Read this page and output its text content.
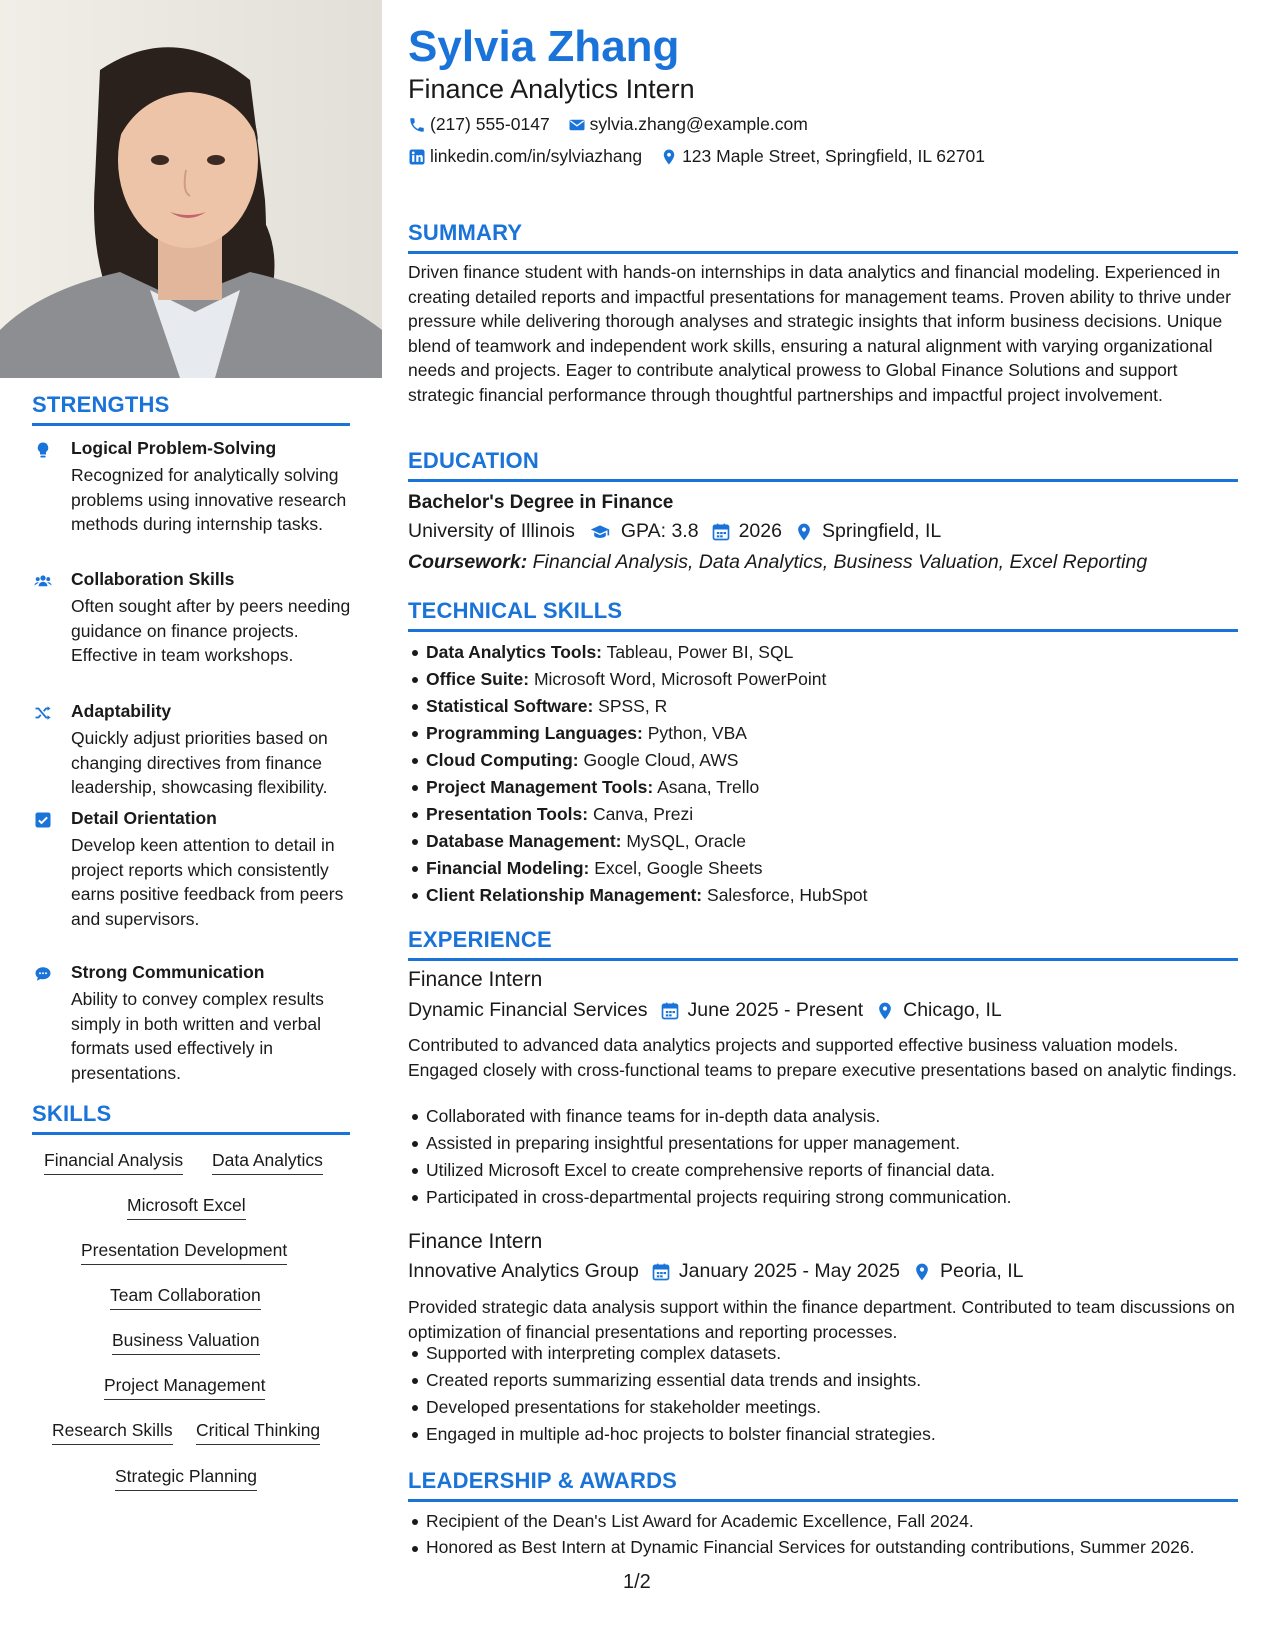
STRENGTHS
Logical Problem-Solving
Recognized for analytically solving problems using innovative research methods during internship tasks.
Collaboration Skills
Often sought after by peers needing guidance on finance projects. Effective in team workshops.
Adaptability
Quickly adjust priorities based on changing directives from finance leadership, showcasing flexibility.
Detail Orientation
Develop keen attention to detail in project reports which consistently earns positive feedback from peers and supervisors.
Strong Communication
Ability to convey complex results simply in both written and verbal formats used effectively in presentations.
SKILLS
Financial Analysis Data Analytics
Microsoft Excel
Presentation Development
Team Collaboration
Business Valuation
Project Management
Research Skills Critical Thinking
Strategic Planning
Sylvia Zhang
Finance Analytics Intern
(217) 555-0147 sylvia.zhang@example.com
linkedin.com/in/sylviazhang 123 Maple Street, Springfield, IL 62701
SUMMARY
Driven finance student with hands-on internships in data analytics and financial modeling. Experienced in creating detailed reports and impactful presentations for management teams. Proven ability to thrive under pressure while delivering thorough analyses and strategic insights that inform business decisions. Unique blend of teamwork and independent work skills, ensuring a natural alignment with varying organizational needs and projects. Eager to contribute analytical prowess to Global Finance Solutions and support strategic financial performance through thoughtful partnerships and impactful project involvement.
EDUCATION
Bachelor's Degree in Finance
University of Illinois GPA: 3.8 2026 Springfield, IL
Coursework: Financial Analysis, Data Analytics, Business Valuation, Excel Reporting
TECHNICAL SKILLS
Data Analytics Tools: Tableau, Power BI, SQL
Office Suite: Microsoft Word, Microsoft PowerPoint
Statistical Software: SPSS, R
Programming Languages: Python, VBA
Cloud Computing: Google Cloud, AWS
Project Management Tools: Asana, Trello
Presentation Tools: Canva, Prezi
Database Management: MySQL, Oracle
Financial Modeling: Excel, Google Sheets
Client Relationship Management: Salesforce, HubSpot
EXPERIENCE
Finance Intern
Dynamic Financial Services June 2025 - Present Chicago, IL
Contributed to advanced data analytics projects and supported effective business valuation models. Engaged closely with cross-functional teams to prepare executive presentations based on analytic findings.
Collaborated with finance teams for in-depth data analysis.
Assisted in preparing insightful presentations for upper management.
Utilized Microsoft Excel to create comprehensive reports of financial data.
Participated in cross-departmental projects requiring strong communication.
Finance Intern
Innovative Analytics Group January 2025 - May 2025 Peoria, IL
Provided strategic data analysis support within the finance department. Contributed to team discussions on optimization of financial presentations and reporting processes.
Supported with interpreting complex datasets.
Created reports summarizing essential data trends and insights.
Developed presentations for stakeholder meetings.
Engaged in multiple ad-hoc projects to bolster financial strategies.
LEADERSHIP & AWARDS
Recipient of the Dean's List Award for Academic Excellence, Fall 2024.
Honored as Best Intern at Dynamic Financial Services for outstanding contributions, Summer 2026.
1/2
